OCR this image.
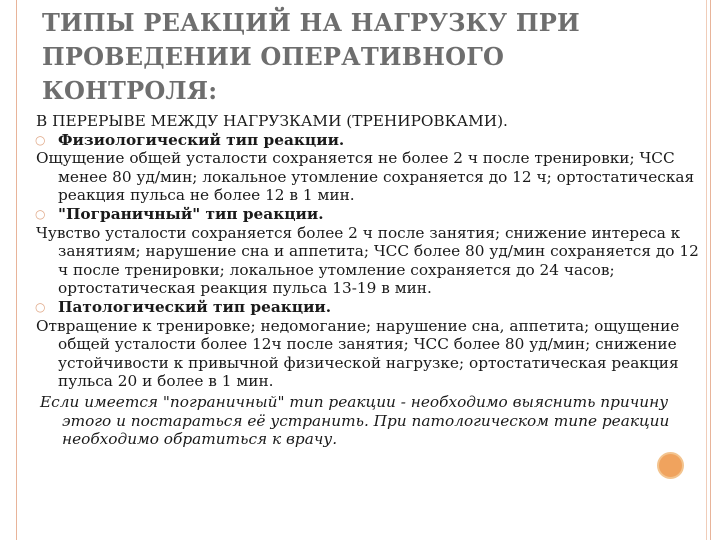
ТИПЫ РЕАКЦИЙ НА НАГРУЗКУ ПРИ
ПРОВЕДЕНИИ ОПЕРАТИВНОГО
КОНТРОЛЯ:

В ПЕРЕРЫВЕ МЕЖДУ НАГРУЗКАМИ (ТРЕНИРОВКАМИ).

○ Физиологический тип реакции.

Ощущение общей усталости сохраняется не более 2 ч после тренировки; ЧСС менее 80 уд/мин; локальное утомление сохраняется до 12 ч; ортостатическая реакция пульса не более 12 в 1 мин.

○ "Пограничный" тип реакции.

Чувство усталости сохраняется более 2 ч после занятия; снижение интереса к занятиям; нарушение сна и аппетита; ЧСС более 80 уд/мин сохраняется до 12 ч после тренировки; локальное утомление сохраняется до 24 часов; ортостатическая реакция пульса 13-19 в мин.

○ Патологический тип реакции.

Отвращение к тренировке; недомогание; нарушение сна, аппетита; ощущение общей усталости более 12ч после занятия; ЧСС более 80 уд/мин; снижение устойчивости к привычной физической нагрузке; ортостатическая реакция пульса 20 и более в 1 мин.

Если имеется "пограничный" тип реакции - необходимо выяснить причину этого и постараться её устранить. При патологическом типе реакции необходимо обратиться к врачу.
